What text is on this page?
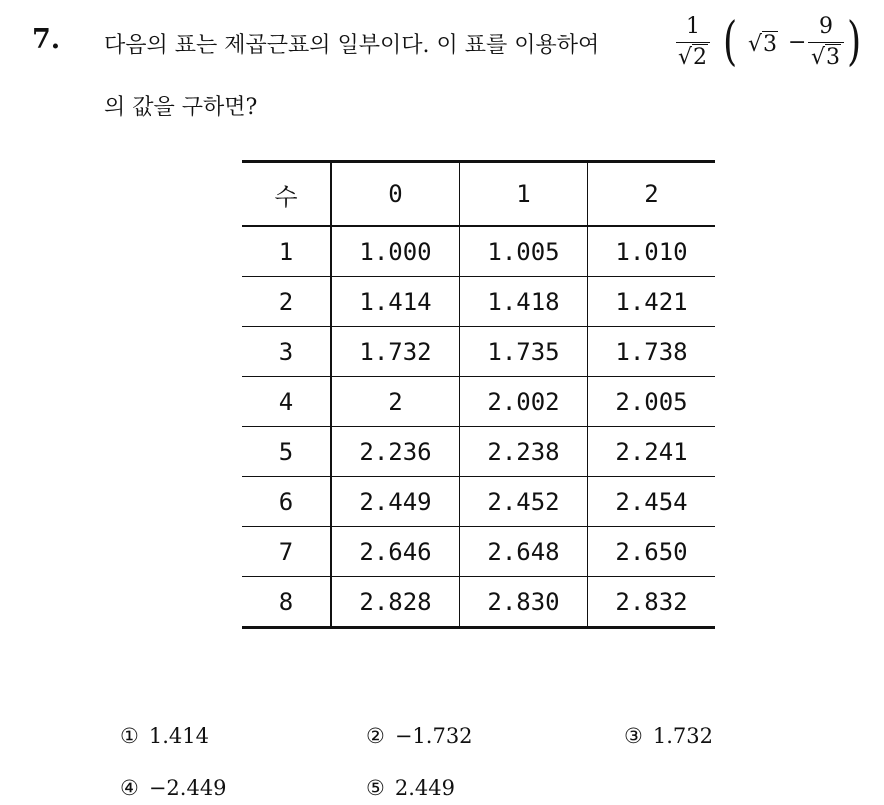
7. 다음의 표는 제곱근표의 일부이다. 이 표를 이용하여
1
√2 ( √3 −
9
√3 )
의 값을 구하면?
수	0	1	2
1	1.000	1.005	1.010
2	1.414	1.418	1.421
3	1.732	1.735	1.738
4	2	2.002	2.005
5	2.236	2.238	2.241
6	2.449	2.452	2.454
7	2.646	2.648	2.650
8	2.828	2.830	2.832
① 1.414	② −1.732	③ 1.732
④ −2.449	⑤ 2.449
